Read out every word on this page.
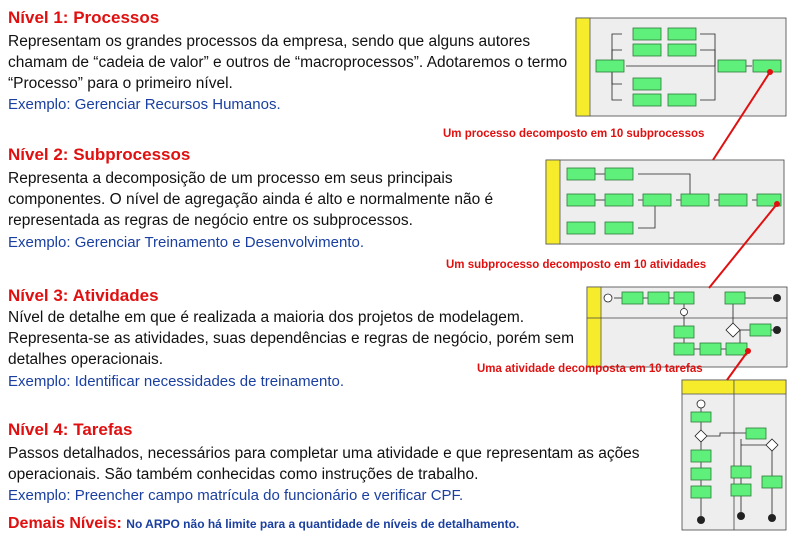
Nível 1: Processos

Representam os grandes processos da empresa, sendo que alguns autores chamam de “cadeia de valor” e outros de “macroprocessos”. Adotaremos o termo “Processo” para o primeiro nível.

Exemplo: Gerenciar Recursos Humanos.

Nível 2: Subprocessos

Representa a decomposição de um processo em seus principais componentes. O nível de agregação ainda é alto e normalmente não é representada as regras de negócio entre os subprocessos.

Exemplo: Gerenciar Treinamento e Desenvolvimento.

Nível 3: Atividades

Nível de detalhe em que é realizada a maioria dos projetos de modelagem. Representa-se as atividades, suas dependências e regras de negócio, porém sem detalhes operacionais.

Exemplo: Identificar necessidades de treinamento.

Nível 4: Tarefas

Passos detalhados, necessários para completar uma atividade e que representam as ações operacionais. São também conhecidas como instruções de trabalho.

Exemplo: Preencher campo matrícula do funcionário e verificar CPF.

Demais Níveis: No ARPO não há limite para a quantidade de níveis de detalhamento.
Um processo decomposto em 10 subprocessos
Um subprocesso decomposto em 10 atividades
Uma atividade decomposta em 10 tarefas
